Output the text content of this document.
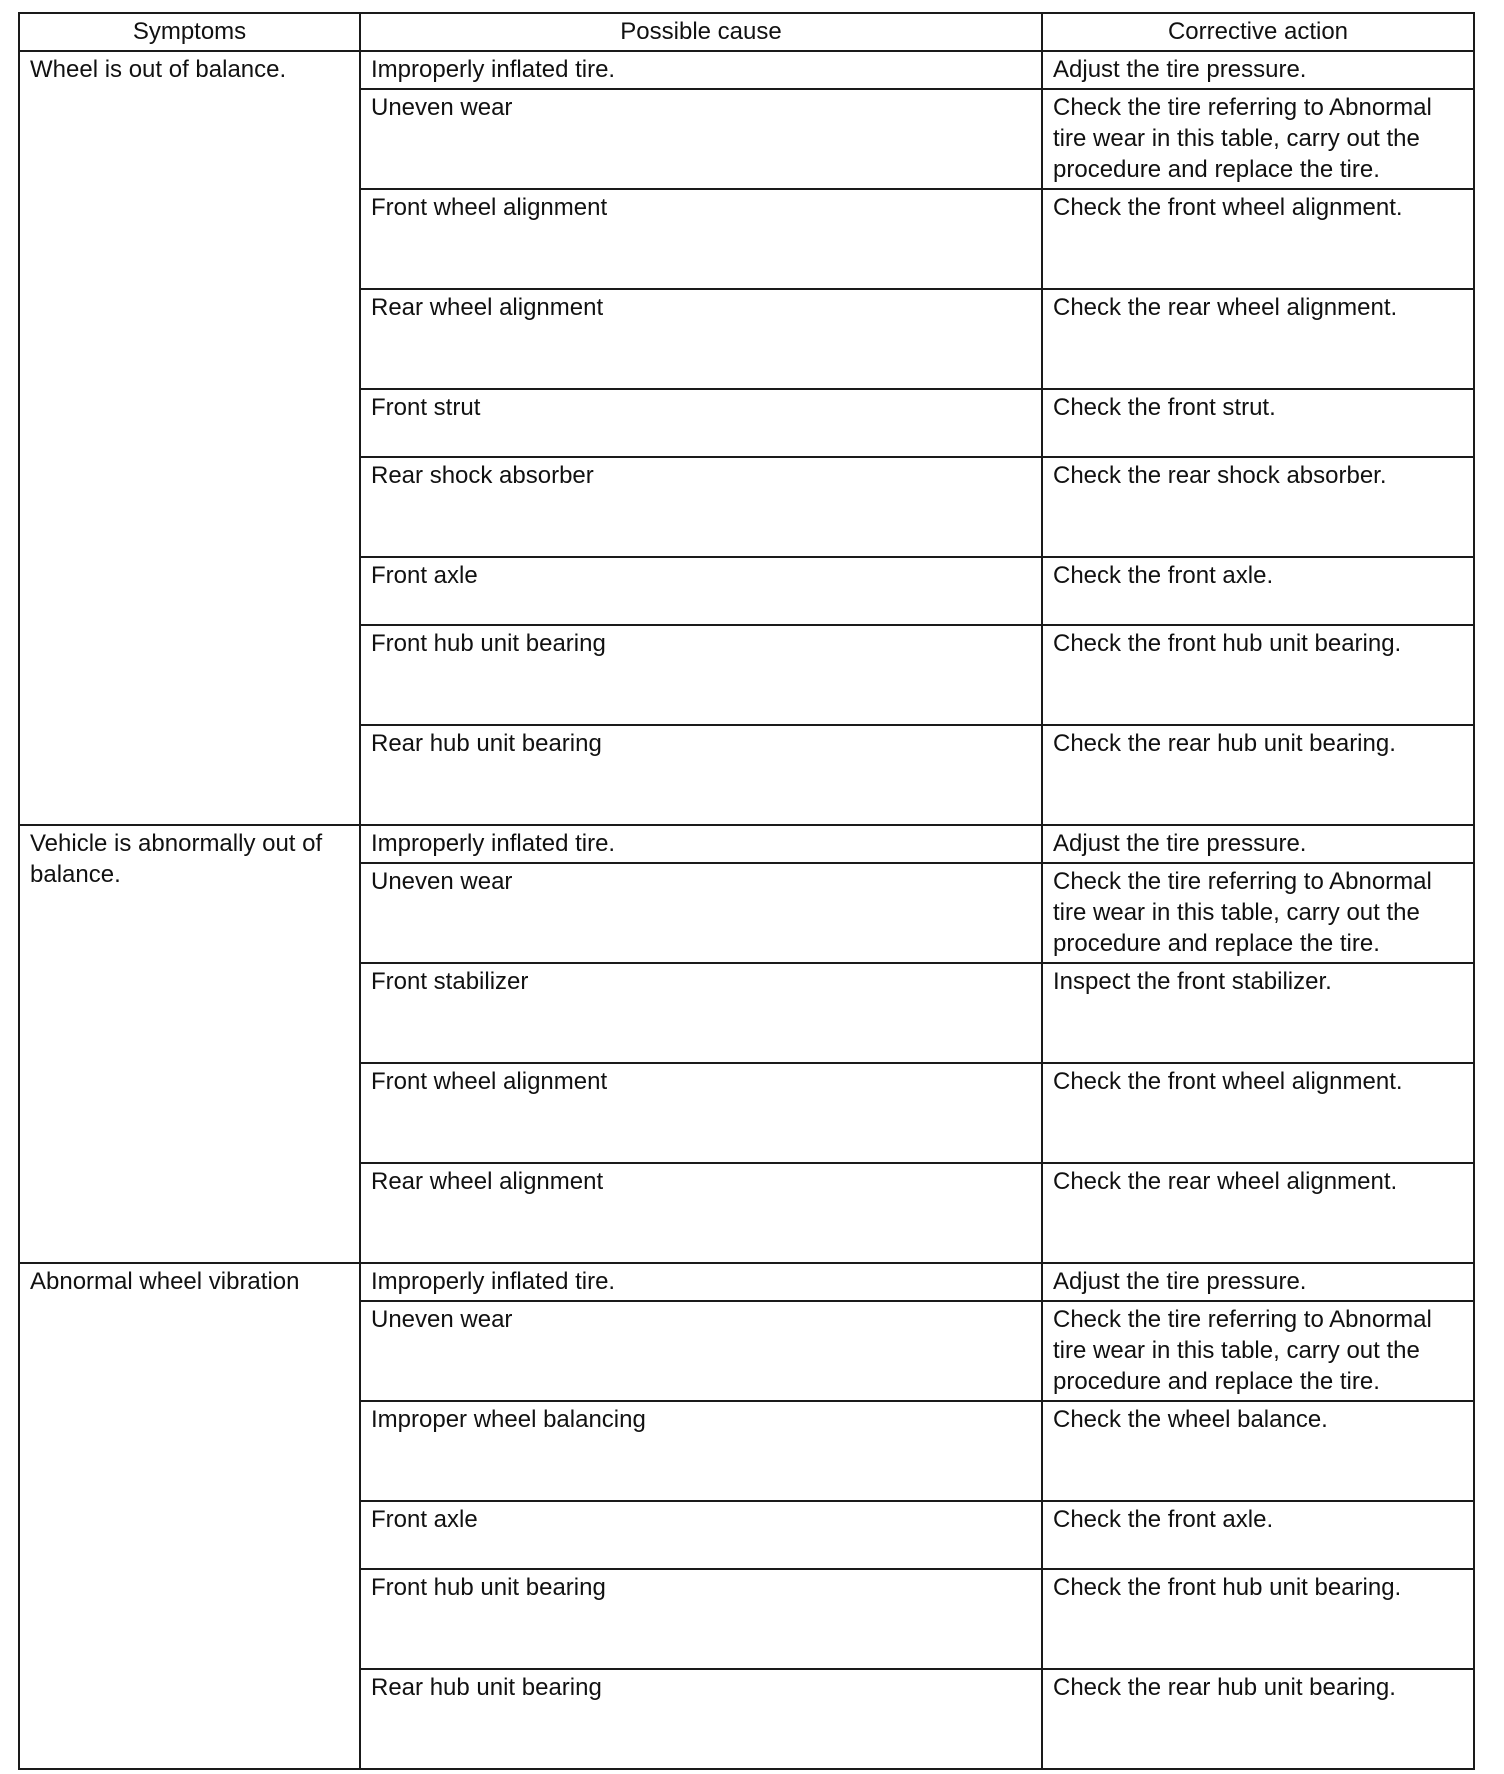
Symptoms	Possible cause	Corrective action
Wheel is out of balance.	Improperly inflated tire.	Adjust the tire pressure.
	Uneven wear	Check the tire referring to Abnormal tire wear in this table, carry out the procedure and replace the tire.
	Front wheel alignment	Check the front wheel alignment.
	Rear wheel alignment	Check the rear wheel alignment.
	Front strut	Check the front strut.
	Rear shock absorber	Check the rear shock absorber.
	Front axle	Check the front axle.
	Front hub unit bearing	Check the front hub unit bearing.
	Rear hub unit bearing	Check the rear hub unit bearing.
Vehicle is abnormally out of balance.	Improperly inflated tire.	Adjust the tire pressure.
	Uneven wear	Check the tire referring to Abnormal tire wear in this table, carry out the procedure and replace the tire.
	Front stabilizer	Inspect the front stabilizer.
	Front wheel alignment	Check the front wheel alignment.
	Rear wheel alignment	Check the rear wheel alignment.
Abnormal wheel vibration	Improperly inflated tire.	Adjust the tire pressure.
	Uneven wear	Check the tire referring to Abnormal tire wear in this table, carry out the procedure and replace the tire.
	Improper wheel balancing	Check the wheel balance.
	Front axle	Check the front axle.
	Front hub unit bearing	Check the front hub unit bearing.
	Rear hub unit bearing	Check the rear hub unit bearing.
